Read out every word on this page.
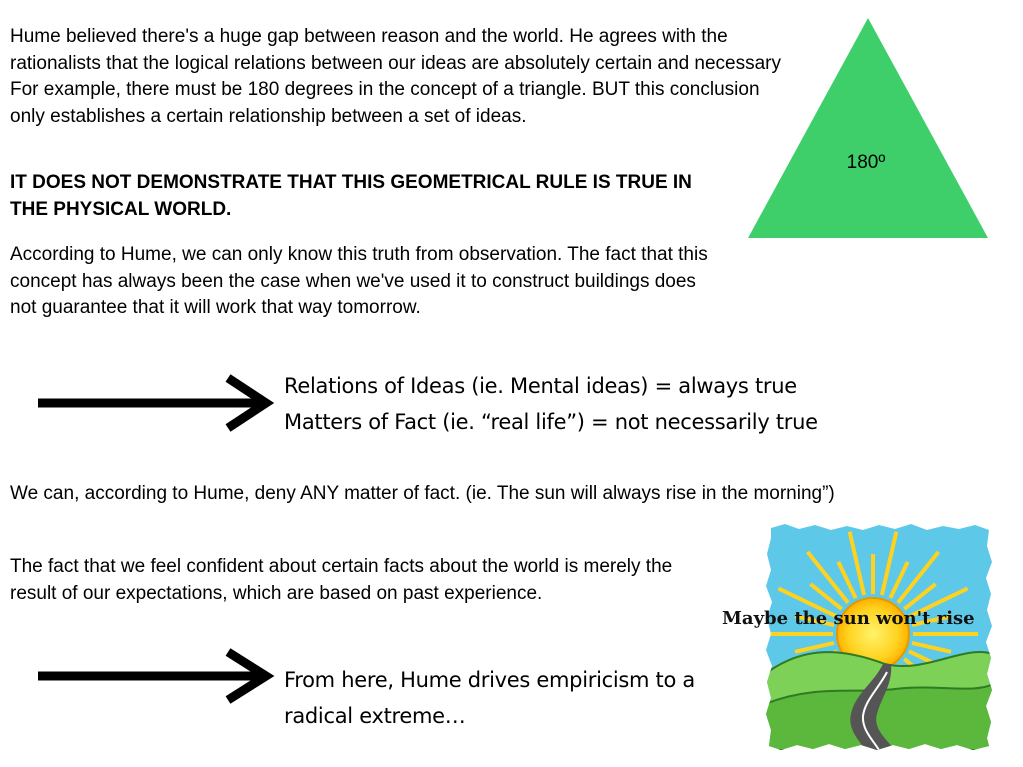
Hume believed there's a huge gap between reason and the world. He agrees with the rationalists that the logical relations between our ideas are absolutely certain and necessary For example, there must be 180 degrees in the concept of a triangle. BUT this conclusion only establishes a certain relationship between a set of ideas.

IT DOES NOT DEMONSTRATE THAT THIS GEOMETRICAL RULE IS TRUE IN THE PHYSICAL WORLD.

According to Hume, we can only know this truth from observation. The fact that this concept has always been the case when we've used it to construct buildings does not guarantee that it will work that way tomorrow.

Relations of Ideas (ie. Mental ideas) = always true

Matters of Fact (ie. “real life”) = not necessarily true

We can, according to Hume, deny ANY matter of fact. (ie. The sun will always rise in the morning”)

The fact that we feel confident about certain facts about the world is merely the result of our expectations, which are based on past experience.

From here, Hume drives empiricism to a radical extreme…

180º
Maybe the sun won't rise
